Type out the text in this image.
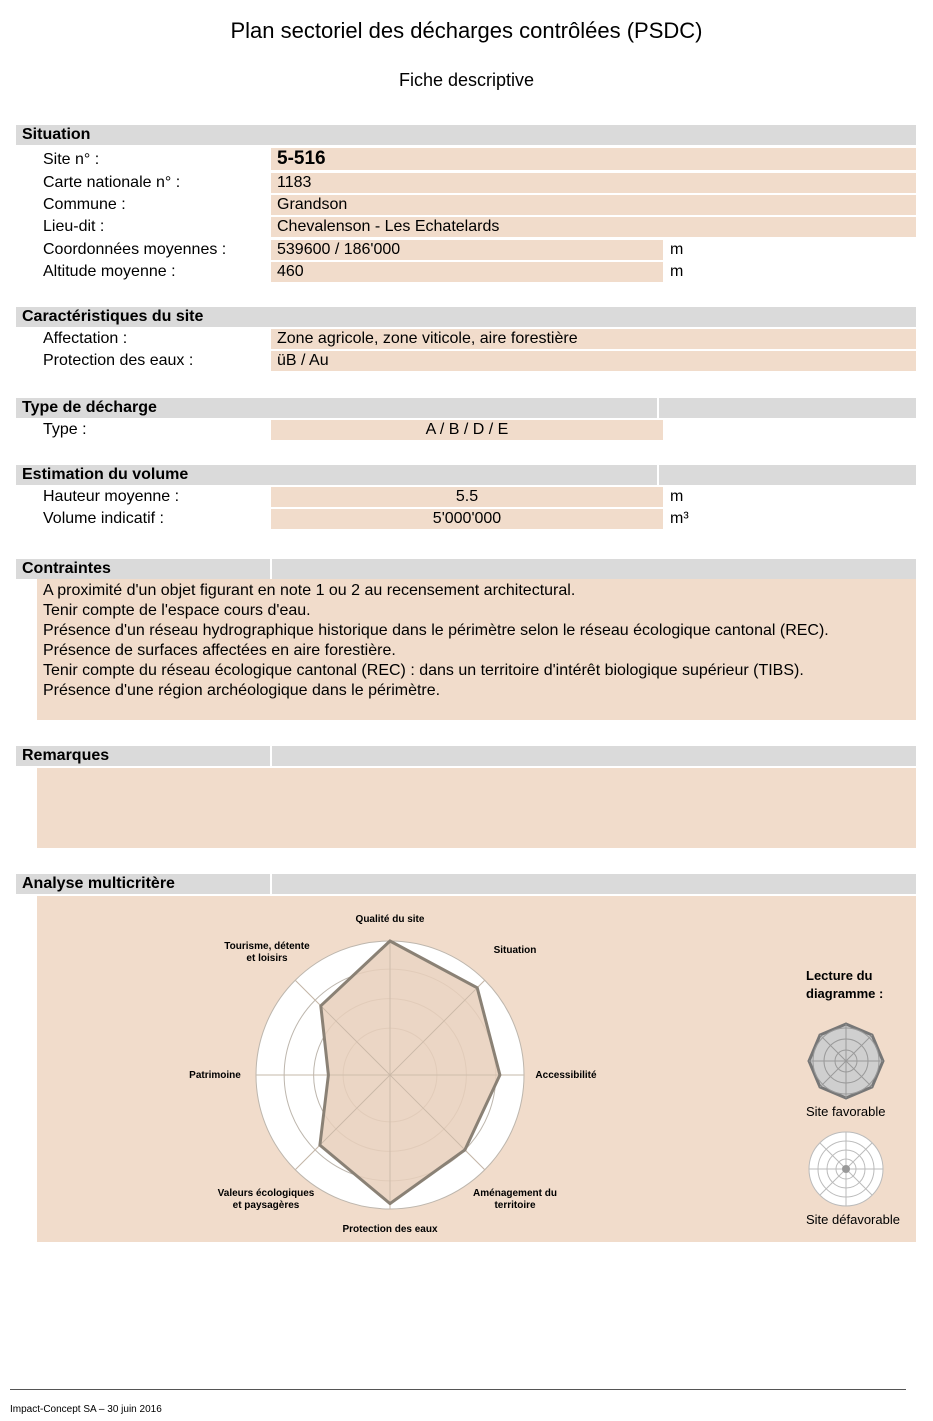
Plan sectoriel des décharges contrôlées (PSDC)
Fiche descriptive
Situation
Site n° :	5-516
Carte nationale n° :	1183
Commune :	Grandson
Lieu-dit :	Chevalenson - Les Echatelards
Coordonnées moyennes :	539600 / 186'000	m
Altitude moyenne :	460	m
Caractéristiques du site
Affectation :	Zone agricole, zone viticole, aire forestière
Protection des eaux :	üB / Au
Type de décharge
Type :	A / B / D / E
Estimation du volume
Hauteur moyenne :	5.5	m
Volume indicatif :	5'000'000	m³
Contraintes
A proximité d'un objet figurant en note 1 ou 2 au recensement architectural.
Tenir compte de l'espace cours d'eau.
Présence d'un réseau hydrographique historique dans le périmètre selon le réseau écologique cantonal (REC).
Présence de surfaces affectées en aire forestière.
Tenir compte du réseau écologique cantonal (REC) : dans un territoire d'intérêt biologique supérieur (TIBS).
Présence d'une région archéologique dans le périmètre.
Remarques
Analyse multicritère
Qualité du site
Situation
Accessibilité
Aménagement du territoire
Protection des eaux
Valeurs écologiques et paysagères
Patrimoine
Tourisme, détente et loisirs
Lecture du diagramme :
Site favorable
Site défavorable
Impact-Concept SA – 30 juin 2016
